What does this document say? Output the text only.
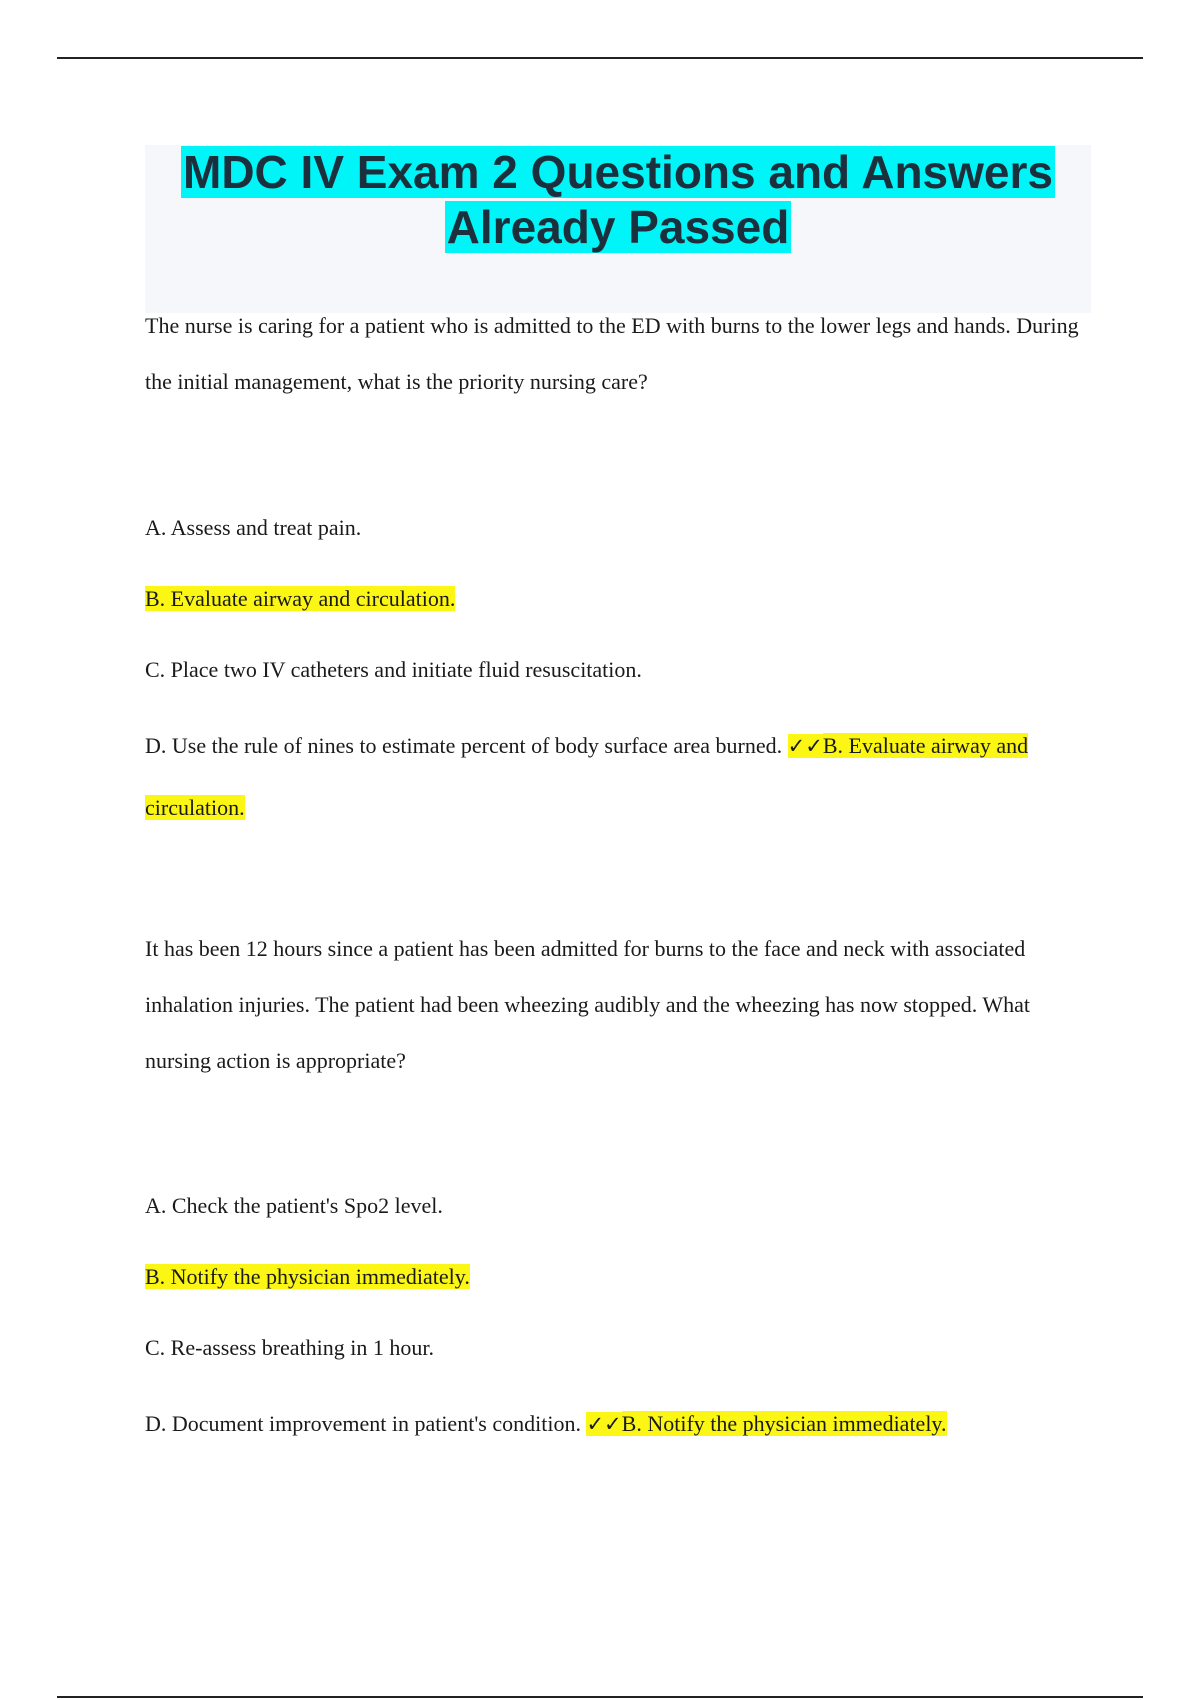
MDC IV Exam 2 Questions and Answers
Already Passed

The nurse is caring for a patient who is admitted to the ED with burns to the lower legs and hands. During the initial management, what is the priority nursing care?

A. Assess and treat pain.

B. Evaluate airway and circulation.

C. Place two IV catheters and initiate fluid resuscitation.

D. Use the rule of nines to estimate percent of body surface area burned. ✓✓B. Evaluate airway and circulation.

It has been 12 hours since a patient has been admitted for burns to the face and neck with associated inhalation injuries. The patient had been wheezing audibly and the wheezing has now stopped. What nursing action is appropriate?

A. Check the patient's Spo2 level.

B. Notify the physician immediately.

C. Re-assess breathing in 1 hour.

D. Document improvement in patient's condition. ✓✓B. Notify the physician immediately.
